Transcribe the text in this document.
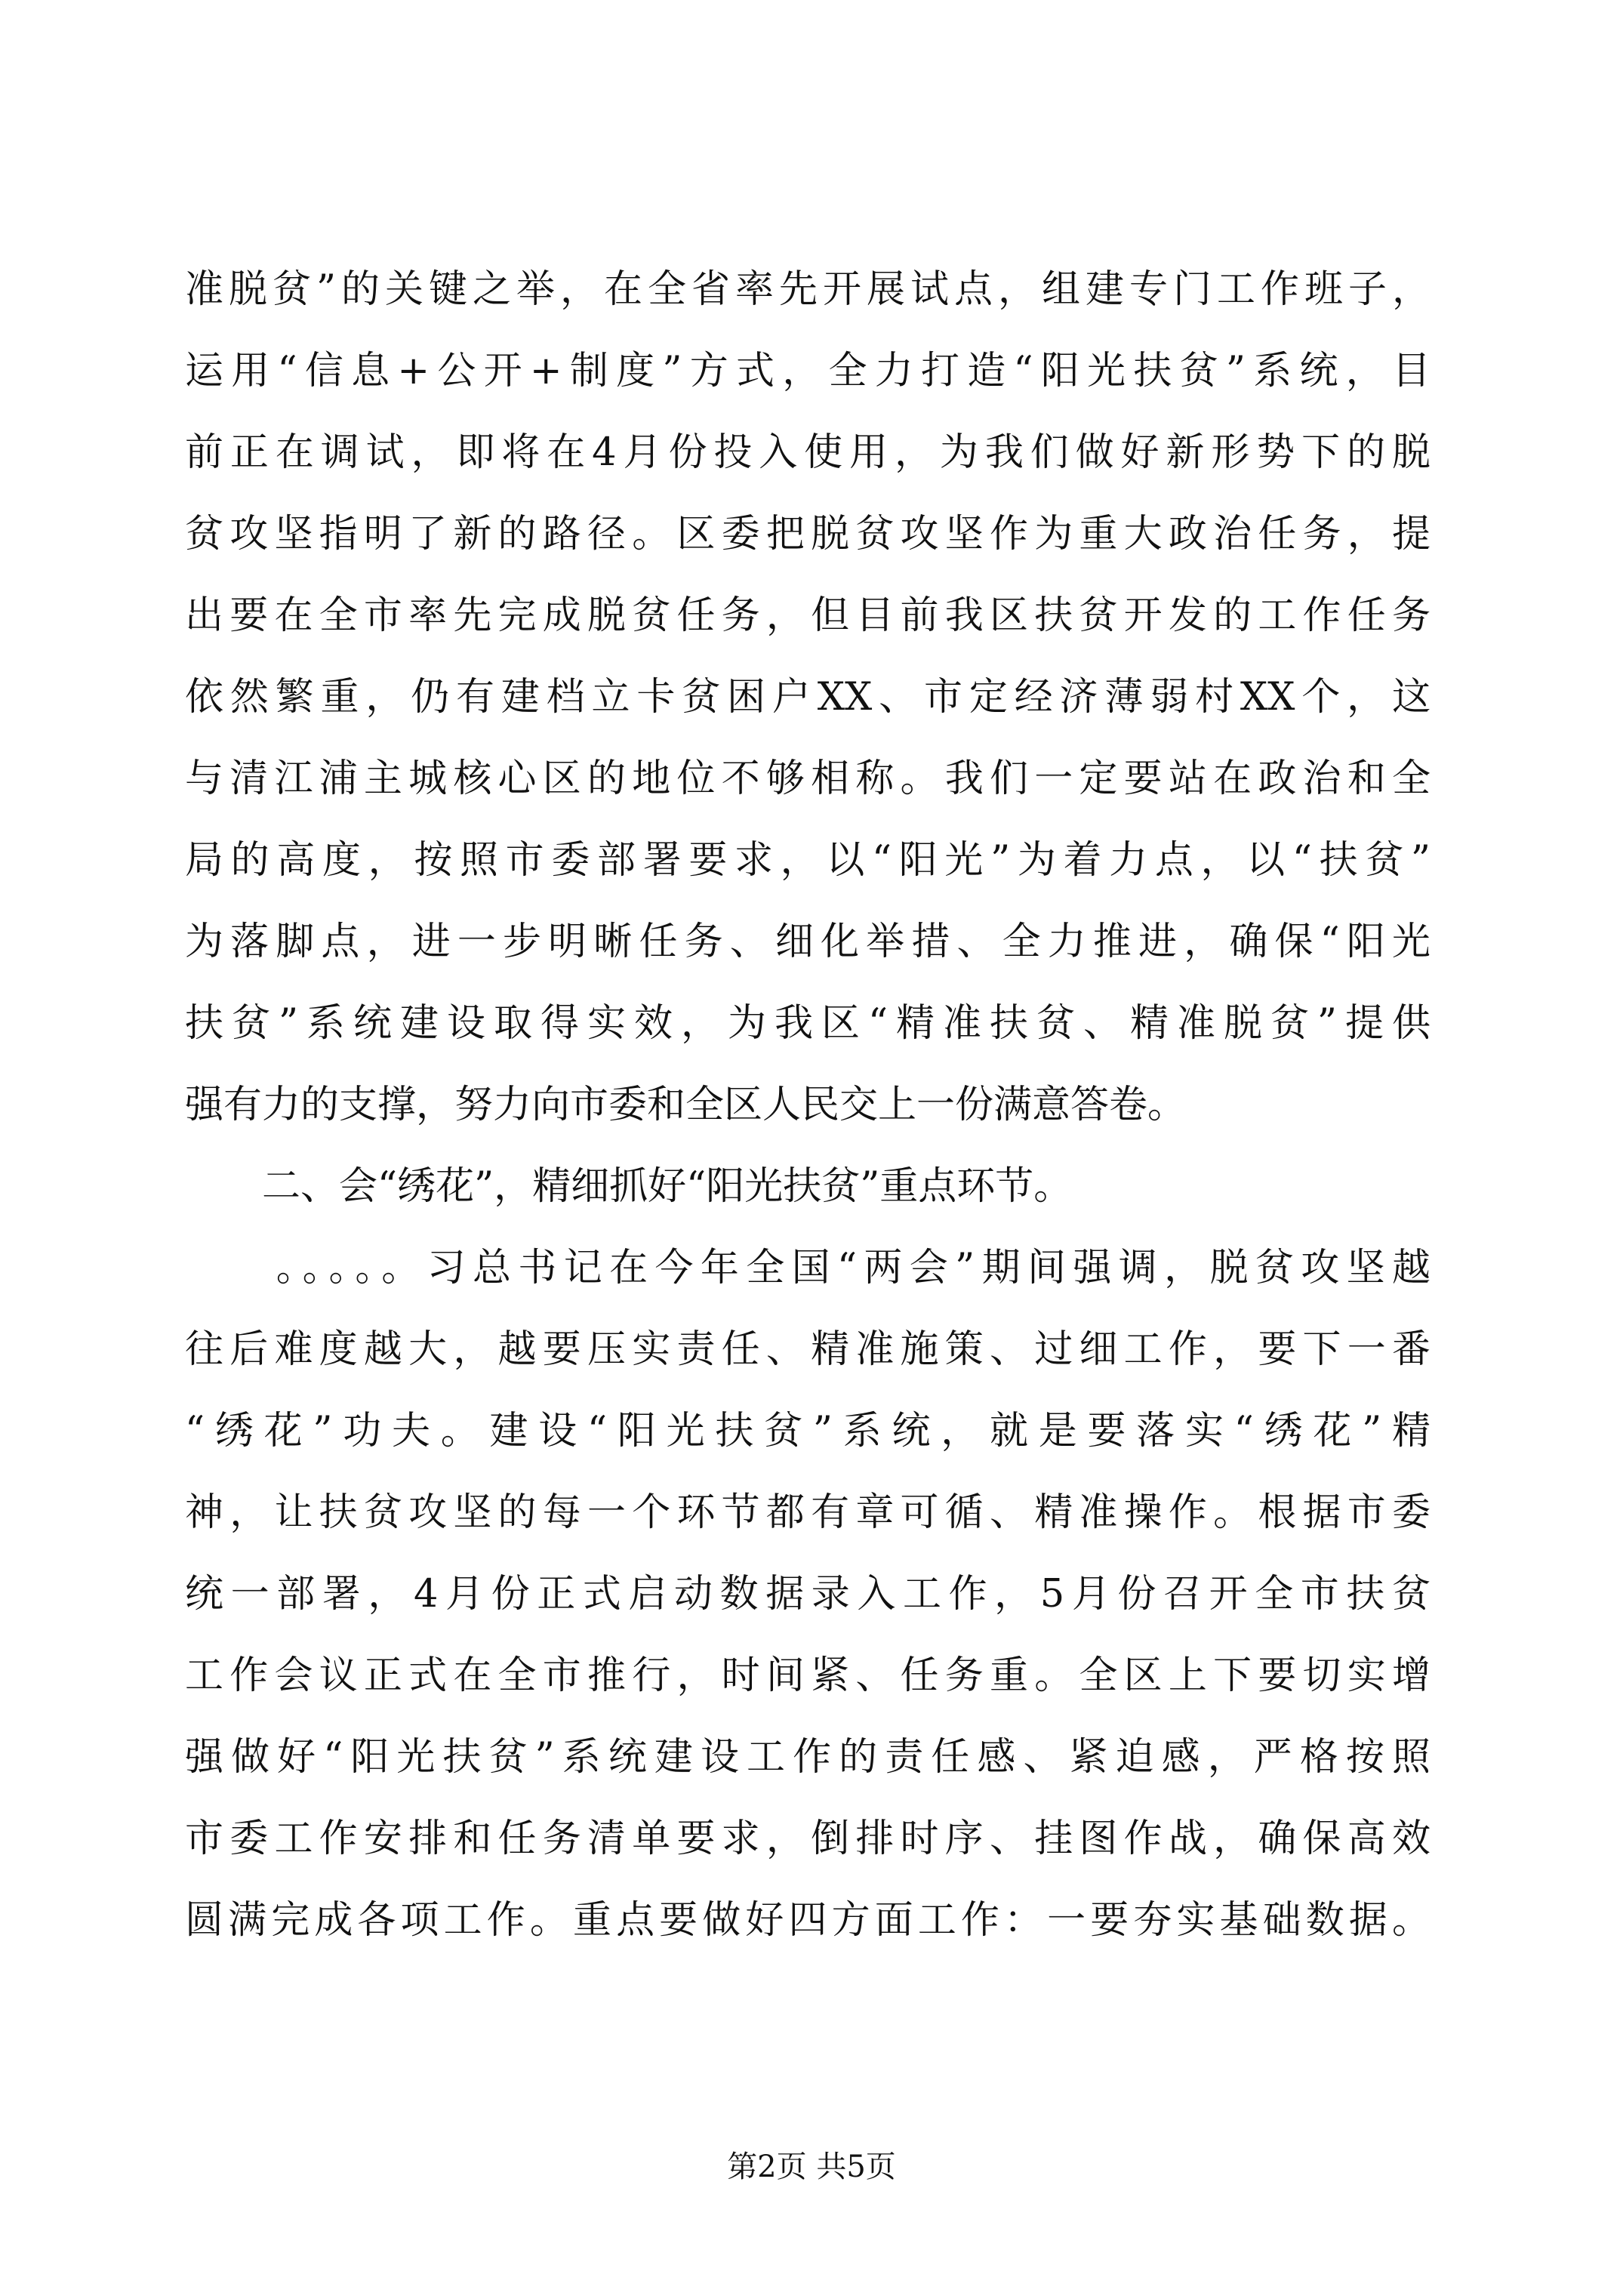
准脱贫”的关键之举，在全省率先开展试点，组建专门工作班子，
运用“信息+公开+制度”方式，全力打造“阳光扶贫”系统，目
前正在调试，即将在4月份投入使用，为我们做好新形势下的脱
贫攻坚指明了新的路径。区委把脱贫攻坚作为重大政治任务，提
出要在全市率先完成脱贫任务，但目前我区扶贫开发的工作任务
依然繁重，仍有建档立卡贫困户XX、市定经济薄弱村XX个，这
与清江浦主城核心区的地位不够相称。我们一定要站在政治和全
局的高度，按照市委部署要求，以“阳光”为着力点，以“扶贫”
为落脚点，进一步明晰任务、细化举措、全力推进，确保“阳光
扶贫”系统建设取得实效，为我区“精准扶贫、精准脱贫”提供
强有力的支撑，努力向市委和全区人民交上一份满意答卷。
　　二、会“绣花”，精细抓好“阳光扶贫”重点环节。
　　。。。。。习总书记在今年全国“两会”期间强调，脱贫攻坚越
往后难度越大，越要压实责任、精准施策、过细工作，要下一番
“绣花”功夫。建设“阳光扶贫”系统，就是要落实“绣花”精
神，让扶贫攻坚的每一个环节都有章可循、精准操作。根据市委
统一部署，4月份正式启动数据录入工作，5月份召开全市扶贫
工作会议正式在全市推行，时间紧、任务重。全区上下要切实增
强做好“阳光扶贫”系统建设工作的责任感、紧迫感，严格按照
市委工作安排和任务清单要求，倒排时序、挂图作战，确保高效
圆满完成各项工作。重点要做好四方面工作：一要夯实基础数据。
第2页 共5页
